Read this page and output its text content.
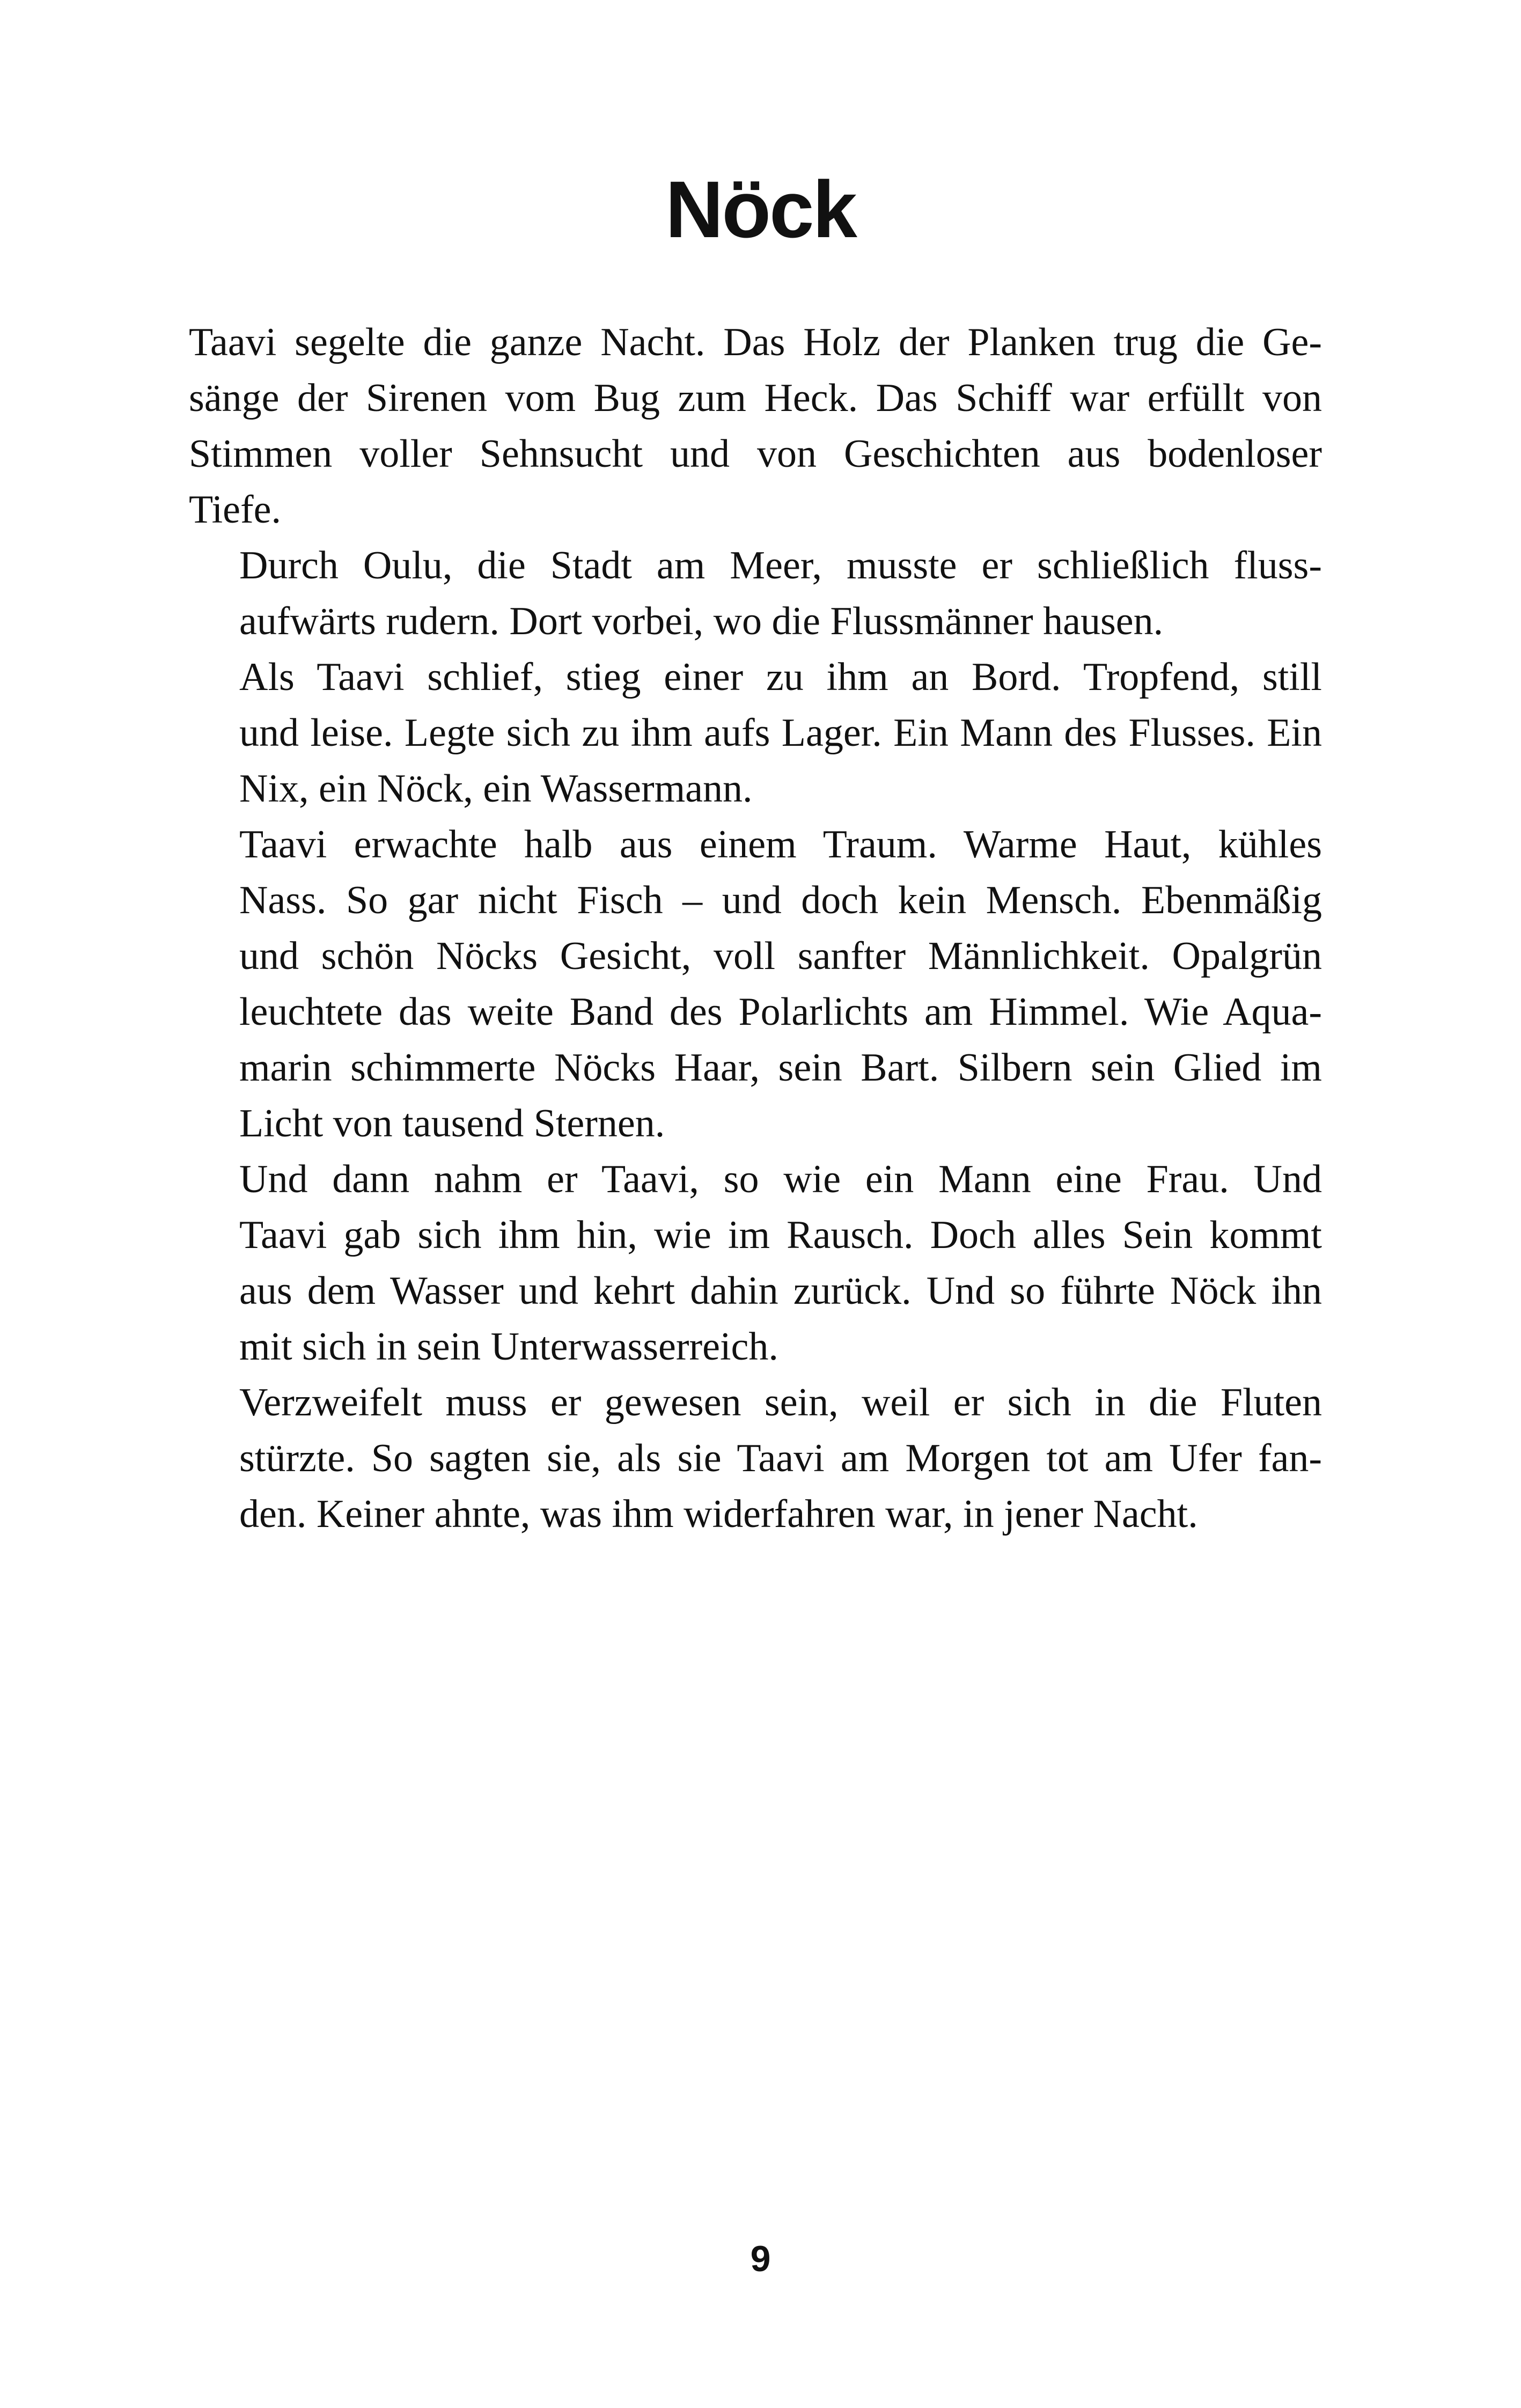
Nöck

Taavi segelte die ganze Nacht. Das Holz der Planken trug die Ge-
sänge der Sirenen vom Bug zum Heck. Das Schiff war erfüllt von
Stimmen voller Sehnsucht und von Geschichten aus bodenloser
Tiefe.

Durch Oulu, die Stadt am Meer, musste er schließlich fluss-
aufwärts rudern. Dort vorbei, wo die Flussmänner hausen.

Als Taavi schlief, stieg einer zu ihm an Bord. Tropfend, still
und leise. Legte sich zu ihm aufs Lager. Ein Mann des Flusses. Ein
Nix, ein Nöck, ein Wassermann.

Taavi erwachte halb aus einem Traum. Warme Haut, kühles
Nass. So gar nicht Fisch – und doch kein Mensch. Ebenmäßig
und schön Nöcks Gesicht, voll sanfter Männlichkeit. Opalgrün
leuchtete das weite Band des Polarlichts am Himmel. Wie Aqua-
marin schimmerte Nöcks Haar, sein Bart. Silbern sein Glied im
Licht von tausend Sternen.

Und dann nahm er Taavi, so wie ein Mann eine Frau. Und
Taavi gab sich ihm hin, wie im Rausch. Doch alles Sein kommt
aus dem Wasser und kehrt dahin zurück. Und so führte Nöck ihn
mit sich in sein Unterwasserreich.

Verzweifelt muss er gewesen sein, weil er sich in die Fluten
stürzte. So sagten sie, als sie Taavi am Morgen tot am Ufer fan-
den. Keiner ahnte, was ihm widerfahren war, in jener Nacht.

9
